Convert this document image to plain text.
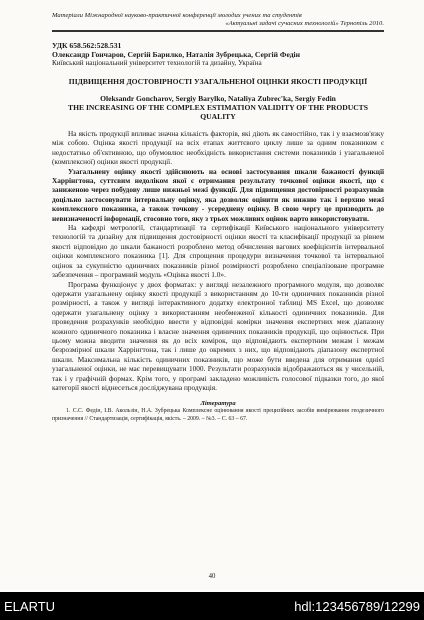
Матеріали Міжнародної науково-практичної конференції молодих учених та студентів
«Актуальні задачі сучасних технологій» Тернопіль 2010.
УДК 658.562:528.531
Олександр Гончаров, Сергій Барилко, Наталія Зубрецька, Сергій Федін
Київський національний університет технологій та дизайну, Україна
ПІДВИЩЕННЯ ДОСТОВІРНОСТІ УЗАГАЛЬНЕНОЇ ОЦІНКИ ЯКОСТІ ПРОДУКЦІЇ
Oleksandr Goncharov, Sergiy Barylko, Nataliya Zubrec'ka, Sergiy Fedin
THE INCREASING OF THE COMPLEX ESTIMATION VALIDITY OF THE PRODUCTS QUALITY

На якість продукції впливає значна кількість факторів, які діють як самостійно, так і у взаємозв'язку між собою. Оцінка якості продукції на всіх етапах життєвого циклу лише за одним показником є недостатньо об'єктивною, що обумовлює необхідність використання системи показників і узагальненої (комплексної) оцінки якості продукції.

Узагальнену оцінку якості здійснюють на основі застосування шкали бажаності функції Харрінгтона, суттєвим недоліком якої є отримання результату точкової оцінки якості, що є заниженою через побудову лише нижньої межі функції. Для підвищення достовірності розрахунків доцільно застосовувати інтервальну оцінку, яка дозволяє оцінити як нижню так і верхню межі комплексного показника, а також точкову - усереднену оцінку. В свою чергу це призводить до невизначеності інформації, стосовно того, яку з трьох можливих оцінок варто використовувати.

На кафедрі метрології, стандартизації та сертифікації Київського національного університету технологій та дизайну для підвищення достовірності оцінки якості та класифікації продукції за рівнем якості відповідно до шкали бажаності розроблено метод обчислення вагових коефіцієнтів інтервальної оцінки комплексного показника [1]. Для спрощення процедури визначення точкової та інтервальної оцінок за сукупністю одиничних показників різної розмірності розроблено спеціалізоване програмне забезпечення – програмний модуль «Оцінка якості 1.0».

Програма функціонує у двох форматах: у вигляді незалежного програмного модуля, що дозволяє одержати узагальнену оцінку якості продукції з використанням до 10-ти одиничних показників різної розмірності, а також у вигляді інтерактивного додатку електронної таблиці MS Excel, що дозволяє одержати узагальнену оцінку з використанням необмеженої кількості одиничних показників. Для проведення розрахунків необхідно ввести у відповідні комірки значення експертних меж діапазону кожного одиничного показника і власне значення одиничних показників продукції, що оцінюється. При цьому можна вводити значення як до всіх комірок, що відповідають експертним межам і межам безрозмірної шкали Харрінгтона, так і лише до окремих з них, що відповідають діапазону експертної шкали. Максимальна кількість одиничних показників, що може бути введена для отримання однієї узагальненої оцінки, не має перевищувати 1000. Результати розрахунків відображаються як у чисельній, так і у графічній формах. Крім того, у програмі закладено можливість голосової підказки того, до якої категорії якості віднесеться досліджувана продукція.

Література

1. С.С. Федін, І.В. Акользін, Н.А. Зубрецька Комплексне оцінювання якості прецизійних засобів вимірювання геодезичного призначення // Стандартизація, сертифікація, якість. – 2009. – №3. – С. 63 – 67.

40
ELARTU	hdl:123456789/12299
